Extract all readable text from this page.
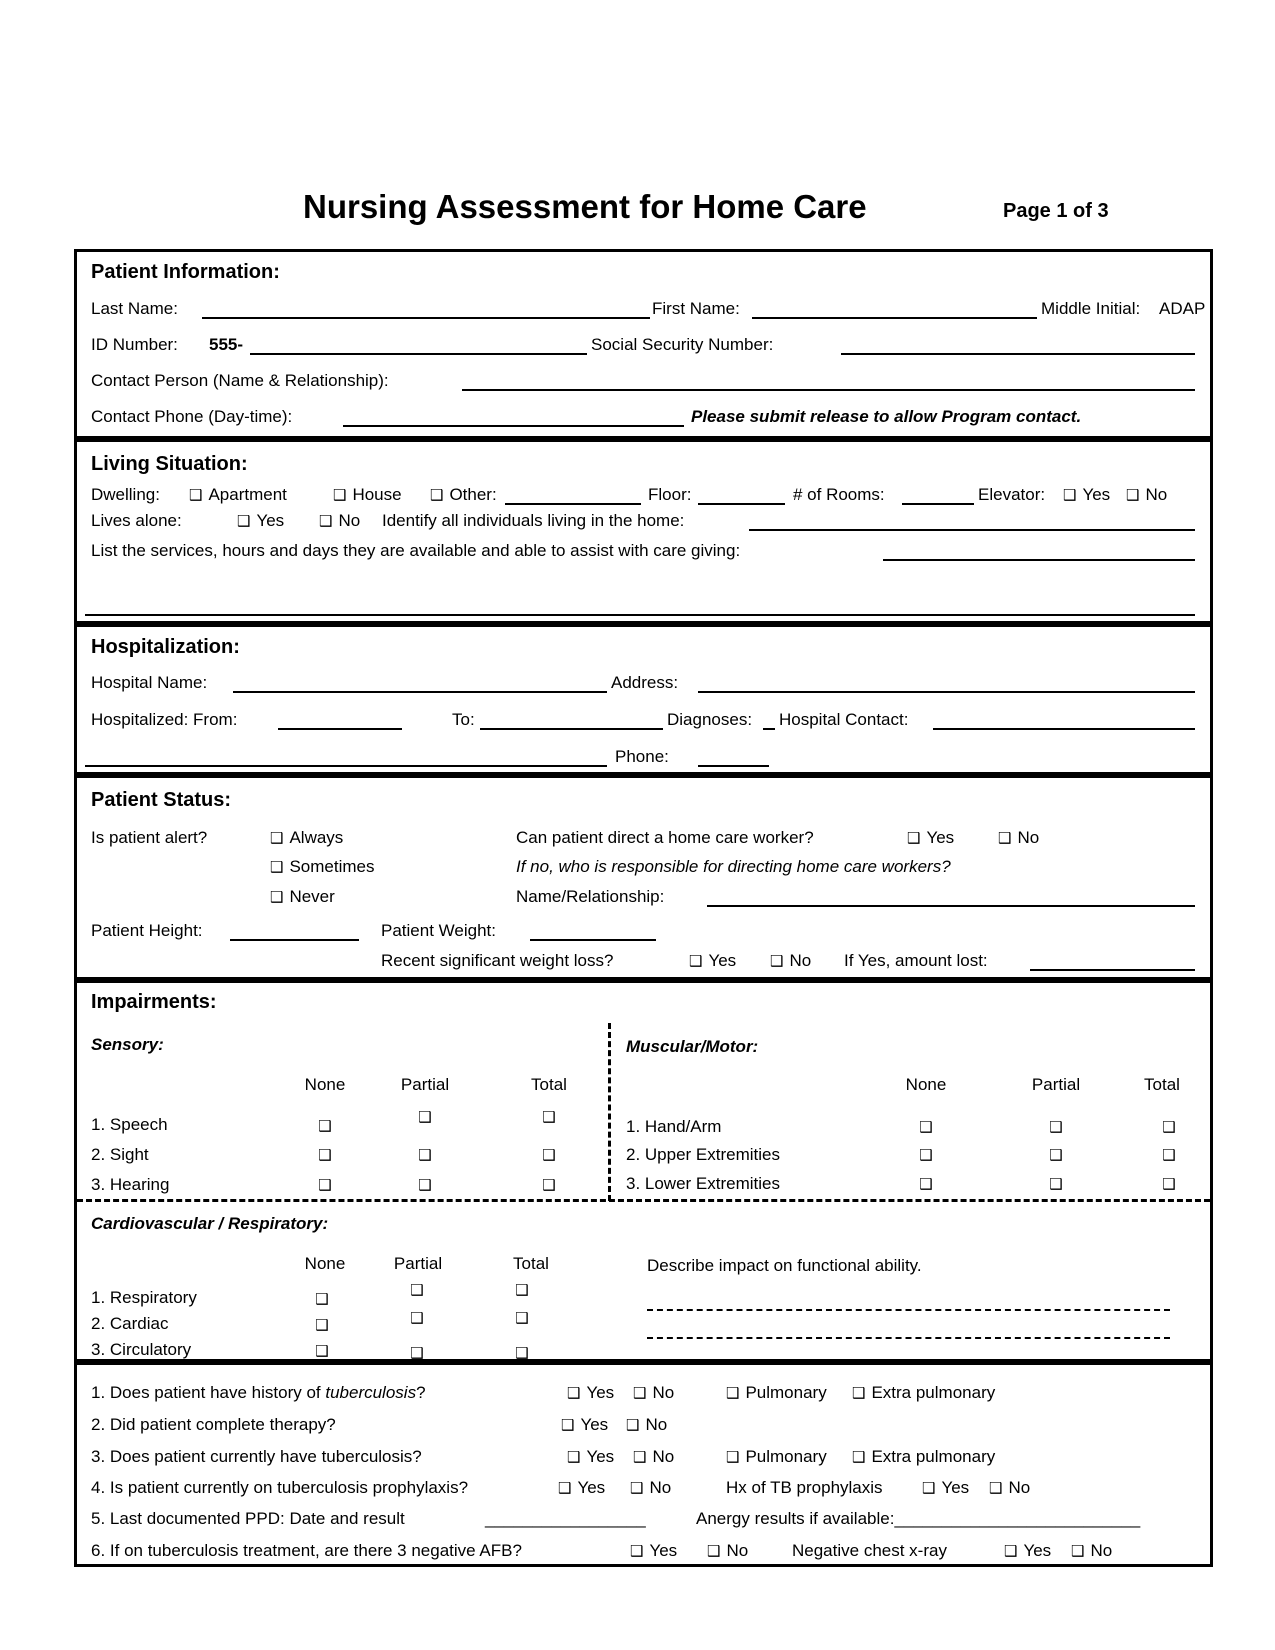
Nursing Assessment for Home Care	Page 1 of 3
Patient Information:
Last Name:	First Name:	Middle Initial: ADAP
ID Number: 555-	Social Security Number:
Contact Person (Name & Relationship):
Contact Phone (Day-time):	Please submit release to allow Program contact.
Living Situation:
Dwelling: ❑ Apartment	❑ House ❑ Other:	Floor:	# of Rooms:	Elevator: ❑ Yes ❑ No
Lives alone:	❑ Yes ❑ No Identify all individuals living in the home:
List the services, hours and days they are available and able to assist with care giving:
Hospitalization:
Hospital Name:	Address:
Hospitalized: From:	To:	Diagnoses: Hospital Contact:
Phone:
Patient Status:
Is patient alert?	❑ Always	Can patient direct a home care worker?	❑ Yes	❑ No
❑ Sometimes	If no, who is responsible for directing home care workers?
❑ Never	Name/Relationship:
Patient Height:	Patient Weight:
Recent significant weight loss?	❑ Yes ❑ No If Yes, amount lost:
Impairments:
Sensory:
None	Partial	Total
1. Speech	❑	❑	❑
2. Sight	❑	❑	❑
3. Hearing	❑	❑	❑
Muscular/Motor:
None	Partial	Total
1. Hand/Arm	❑	❑	❑
2. Upper Extremities	❑	❑	❑
3. Lower Extremities	❑	❑	❑
Cardiovascular / Respiratory:
None	Partial	Total	Describe impact on functional ability.
1. Respiratory	❑	❑	❑
2. Cardiac	❑	❑	❑
3. Circulatory	❑	❑	❑
1. Does patient have history of tuberculosis?	❑ Yes ❑ No	❑ Pulmonary ❑ Extra pulmonary
2. Did patient complete therapy?	❑ Yes ❑ No
3. Does patient currently have tuberculosis?	❑ Yes ❑ No	❑ Pulmonary ❑ Extra pulmonary
4. Is patient currently on tuberculosis prophylaxis?	❑ Yes ❑ No	Hx of TB prophylaxis	❑ Yes ❑ No
5. Last documented PPD: Date and result	_________________	Anergy results if available:__________________________
6. If on tuberculosis treatment, are there 3 negative AFB?	❑ Yes ❑ No	Negative chest x-ray	❑ Yes ❑ No
